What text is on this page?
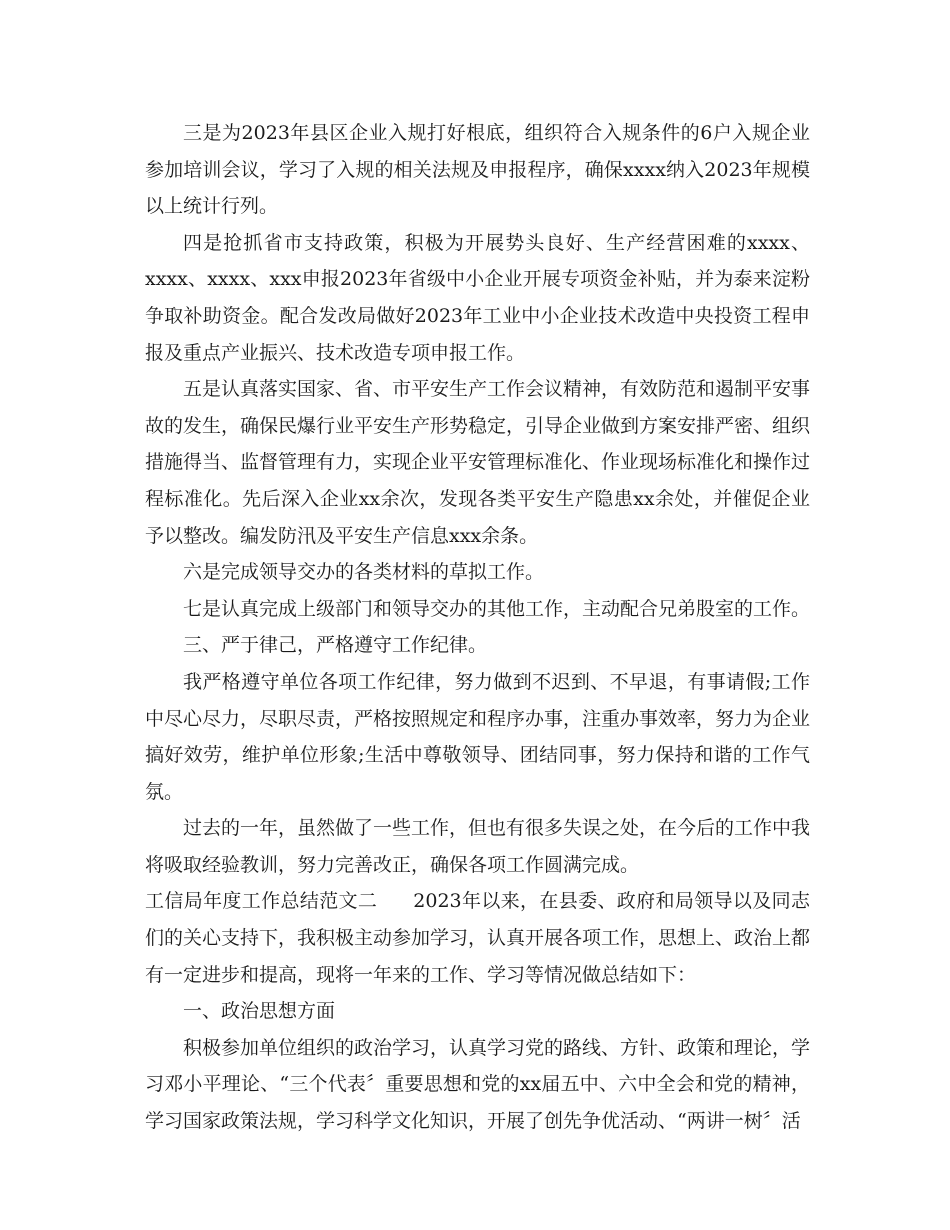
三是为2023年县区企业入规打好根底，组织符合入规条件的6户入规企业参加培训会议，学习了入规的相关法规及申报程序，确保xxxx纳入2023年规模以上统计行列。

四是抢抓省市支持政策，积极为开展势头良好、生产经营困难的xxxx、xxxx、xxxx、xxx申报2023年省级中小企业开展专项资金补贴，并为泰来淀粉争取补助资金。配合发改局做好2023年工业中小企业技术改造中央投资工程申报及重点产业振兴、技术改造专项申报工作。

五是认真落实国家、省、市平安生产工作会议精神，有效防范和遏制平安事故的发生，确保民爆行业平安生产形势稳定，引导企业做到方案安排严密、组织措施得当、监督管理有力，实现企业平安管理标准化、作业现场标准化和操作过程标准化。先后深入企业xx余次，发现各类平安生产隐患xx余处，并催促企业予以整改。编发防汛及平安生产信息xxx余条。

六是完成领导交办的各类材料的草拟工作。

七是认真完成上级部门和领导交办的其他工作，主动配合兄弟股室的工作。

三、严于律己，严格遵守工作纪律。

我严格遵守单位各项工作纪律，努力做到不迟到、不早退，有事请假;工作中尽心尽力，尽职尽责，严格按照规定和程序办事，注重办事效率，努力为企业搞好效劳，维护单位形象;生活中尊敬领导、团结同事，努力保持和谐的工作气氛。

过去的一年，虽然做了一些工作，但也有很多失误之处，在今后的工作中我将吸取经验教训，努力完善改正，确保各项工作圆满完成。

工信局年度工作总结范文二 2023年以来，在县委、政府和局领导以及同志们的关心支持下，我积极主动参加学习，认真开展各项工作，思想上、政治上都有一定进步和提高，现将一年来的工作、学习等情况做总结如下：

一、政治思想方面

积极参加单位组织的政治学习，认真学习党的路线、方针、政策和理论，学习邓小平理论、“三个代表〞重要思想和党的xx届五中、六中全会和党的精神，学习国家政策法规，学习科学文化知识，开展了创先争优活动、“两讲一树〞活
